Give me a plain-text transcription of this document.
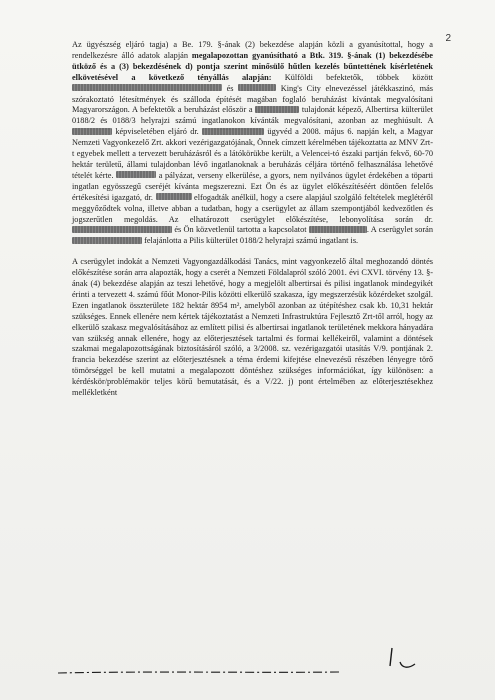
2

Az ügyészség eljáró tagja) a Be. 179. §-ának (2) bekezdése alapján közli a gyanúsítottal, hogy a rendelkezésre álló adatok alapján megalapozottan gyanúsítható a Btk. 319. §-ának (1) bekezdésébe ütköző és a (3) bekezdésének d) pontja szerint minősülő hűtlen kezelés bűntettének kísérletének elkövetésével a következő tényállás alapján: Külföldi befektetők, többek között  és	King's City elnevezéssel játékkaszinó, más szórakoztató létesítmények és szálloda építését magában foglaló beruházást kívántak megvalósítani Magyarországon. A befektetők a beruházást először a	tulajdonát képező, Albertirsa külterület 0188/2 és 0188/3 helyrajzi számú ingatlanokon kívánták megvalósítani, azonban az meghiúsult. A  képviseletében eljáró dr.	ügyvéd a 2008. május 6. napján kelt, a Magyar Nemzeti Vagyonkezelő Zrt. akkori vezérigazgatójának, Önnek címzett kérelmében tájékoztatta az MNV Zrt-t egyebek mellett a tervezett beruházásról és a látókörükbe került, a Velencei-tó északi partján fekvő, 60-70 hektár területű, állami tulajdonban lévő ingatlanoknak a beruházás céljára történő felhasználása lehetővé tételét kérte.	a pályázat, verseny elkerülése, a gyors, nem nyilvános ügylet érdekében a töparti ingatlan egyösszegű cseréjét kívánta megszerezni. Ezt Ön és az ügylet előkészítéséért döntően felelős értékesítési igazgató, dr.	elfogadták anélkül, hogy a csere alapjául szolgáló feltételek meglétéről meggyőződtek volna, illetve abban a tudatban, hogy a cserügylet az állam szempontjából kedvezőtlen és jogszerűtlen megoldás. Az elhatározott cserügylet előkészítése, lebonyolítása során dr.  és Ön közvetlenül tartotta a kapcsolatot	. A cserügylet során  felajánlotta a Pilis külterület 0188/2 helyrajzi számú ingatlant is.

A cserügylet indokát a Nemzeti Vagyongazdálkodási Tanács, mint vagyonkezelő által meghozandó döntés előkészítése során arra alapozták, hogy a cserét a Nemzeti Földalapról szóló 2001. évi CXVI. törvény 13. §-ának (4) bekezdése alapján az teszi lehetővé, hogy a megjelölt albertirsai és pilisi ingatlanok mindegyikét érinti a tervezett 4. számú főút Monor-Pilis közötti elkerülő szakasza, így megszerzésük közérdeket szolgál. Ezen ingatlanok összterülete 182 hektár 8954 m², amelyből azonban az útépítéshez csak kb. 10,31 hektár szükséges. Ennek ellenére nem kértek tájékoztatást a Nemzeti Infrastruktúra Fejlesztő Zrt-től arról, hogy az elkerülő szakasz megvalósításához az említett pilisi és albertirsai ingatlanok területének mekkora hányadára van szükség annak ellenére, hogy az előterjesztések tartalmi és formai kellékeiről, valamint a döntések szakmai megalapozottságának biztosításáról szóló, a 3/2008. sz. vezérigazgatói utasítás V/9. pontjának 2. francia bekezdése szerint az előterjesztésnek a téma érdemi kifejtése elnevezésű részében lényegre törő tömörséggel be kell mutatni a megalapozott döntéshez szükséges információkat, így különösen: a kérdéskör/problémakör teljes körű bemutatását, és a V/22. j) pont értelmében az előterjesztésekhez mellékletként
